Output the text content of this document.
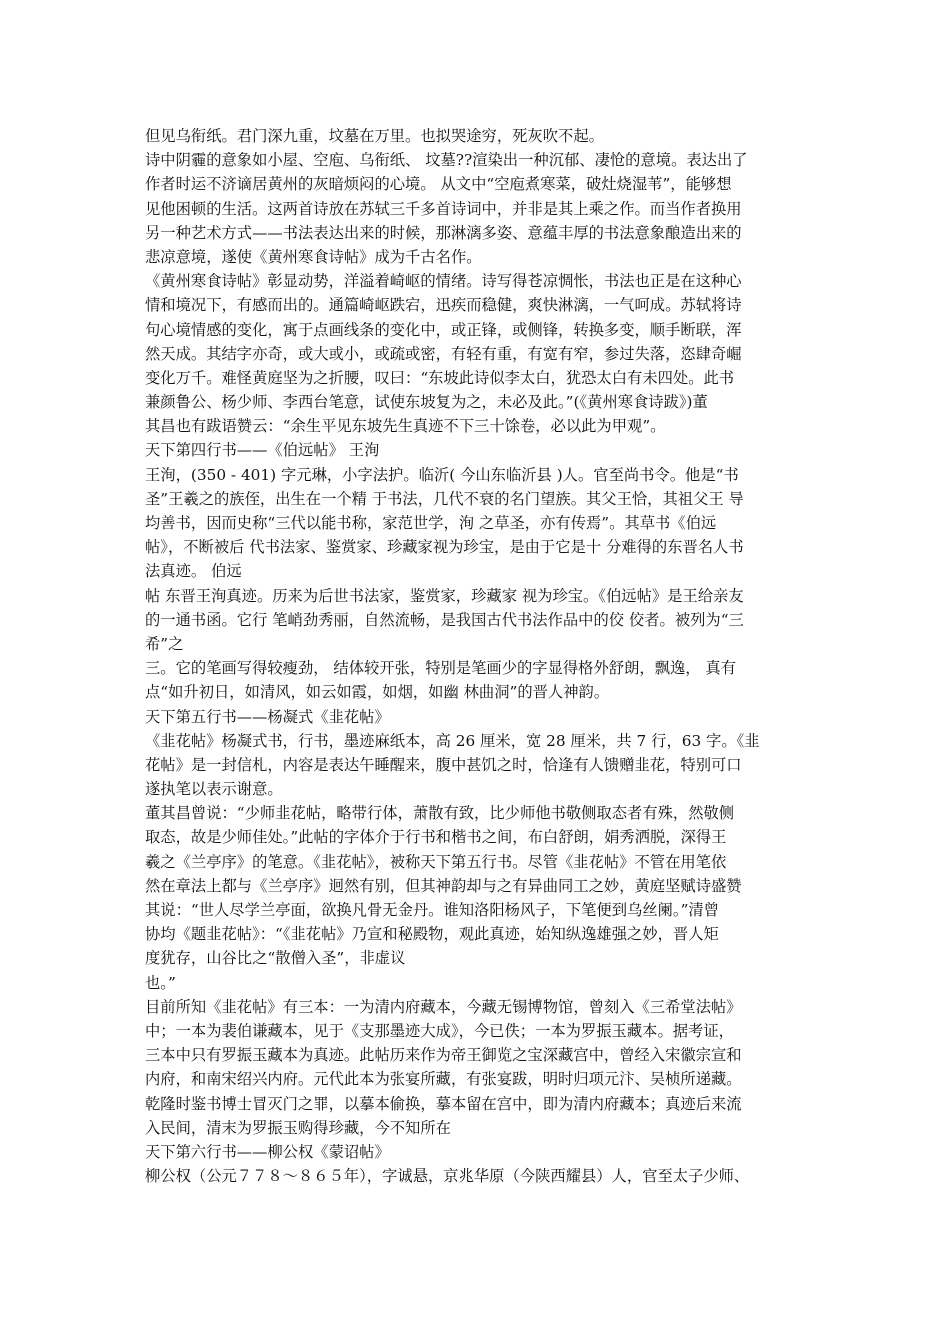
但见乌衔纸。君门深九重，坟墓在万里。也拟哭途穷，死灰吹不起。
诗中阴霾的意象如小屋、空庖、乌衔纸、 坟墓??渲染出一种沉郁、凄怆的意境。表达出了
作者时运不济谪居黄州的灰暗烦闷的心境。 从文中“空庖煮寒菜，破灶烧湿苇”，能够想
见他困顿的生活。这两首诗放在苏轼三千多首诗词中，并非是其上乘之作。而当作者换用
另一种艺术方式——书法表达出来的时候，那淋漓多姿、意蕴丰厚的书法意象酿造出来的
悲凉意境，遂使《黄州寒食诗帖》成为千古名作。
《黄州寒食诗帖》彰显动势，洋溢着崎岖的情绪。诗写得苍凉惆怅，书法也正是在这种心
情和境况下，有感而出的。通篇崎岖跌宕，迅疾而稳健，爽快淋漓，一气呵成。苏轼将诗
句心境情感的变化，寓于点画线条的变化中，或正锋，或侧锋，转换多变，顺手断联，浑
然天成。其结字亦奇，或大或小，或疏或密，有轻有重，有宽有窄，参过失落，恣肆奇崛
变化万千。难怪黄庭坚为之折腰，叹曰：“东坡此诗似李太白，犹恐太白有未四处。此书
兼颜鲁公、杨少师、李西台笔意，试使东坡复为之，未必及此。”(《黄州寒食诗跋》)董
其昌也有跋语赞云：“余生平见东坡先生真迹不下三十馀卷，必以此为甲观”。
天下第四行书——《伯远帖》 王洵
王洵，(350 - 401) 字元琳，小字法护。临沂( 今山东临沂县 )人。官至尚书令。他是“书
圣”王羲之的族侄，出生在一个精 于书法，几代不衰的名门望族。其父王恰，其祖父王 导
均善书，因而史称“三代以能书称，家范世学，洵 之草圣，亦有传焉”。其草书《伯远
帖》，不断被后 代书法家、鉴赏家、珍藏家视为珍宝，是由于它是十 分难得的东晋名人书
法真迹。 伯远
帖 东晋王洵真迹。历来为后世书法家，鉴赏家，珍藏家 视为珍宝。《伯远帖》是王给亲友
的一通书函。它行 笔峭劲秀丽，自然流畅，是我国古代书法作品中的佼 佼者。被列为“三
希”之
三。它的笔画写得较瘦劲， 结体较开张，特别是笔画少的字显得格外舒朗，飘逸， 真有
点“如升初日，如清风，如云如霞，如烟，如幽 林曲洞”的晋人神韵。
天下第五行书——杨凝式《韭花帖》
《韭花帖》杨凝式书，行书，墨迹麻纸本，高 26 厘米，宽 28 厘米，共 7 行，63 字。《韭
花帖》是一封信札，内容是表达午睡醒来，腹中甚饥之时，恰逢有人馈赠韭花，特别可口
遂执笔以表示谢意。
董其昌曾说：“少师韭花帖，略带行体，萧散有致，比少师他书敬侧取态者有殊，然敬侧
取态，故是少师佳处。”此帖的字体介于行书和楷书之间，布白舒朗，娟秀洒脱，深得王
羲之《兰亭序》的笔意。《韭花帖》，被称天下第五行书。尽管《韭花帖》不管在用笔依
然在章法上都与《兰亭序》迥然有别，但其神韵却与之有异曲同工之妙，黄庭坚赋诗盛赞
其说：“世人尽学兰亭面，欲换凡骨无金丹。谁知洛阳杨风子，下笔便到乌丝阑。”清曾
协均《题韭花帖》：“《韭花帖》乃宣和秘殿物，观此真迹，始知纵逸雄强之妙，晋人矩
度犹存，山谷比之“散僧入圣”，非虚议
也。”
目前所知《韭花帖》有三本：一为清内府藏本，今藏无锡博物馆，曾刻入《三希堂法帖》
中；一本为裴伯谦藏本，见于《支那墨迹大成》，今已佚；一本为罗振玉藏本。据考证，
三本中只有罗振玉藏本为真迹。此帖历来作为帝王御览之宝深藏宫中，曾经入宋徽宗宣和
内府，和南宋绍兴内府。元代此本为张宴所藏，有张宴跋，明时归项元汴、吴桢所递藏。
乾隆时鉴书博士冒灭门之罪，以摹本偷换，摹本留在宫中，即为清内府藏本；真迹后来流
入民间，清末为罗振玉购得珍藏，今不知所在
天下第六行书——柳公权《蒙诏帖》
柳公权（公元７７８～８６５年），字诚悬，京兆华原（今陕西耀县）人，官至太子少师、
